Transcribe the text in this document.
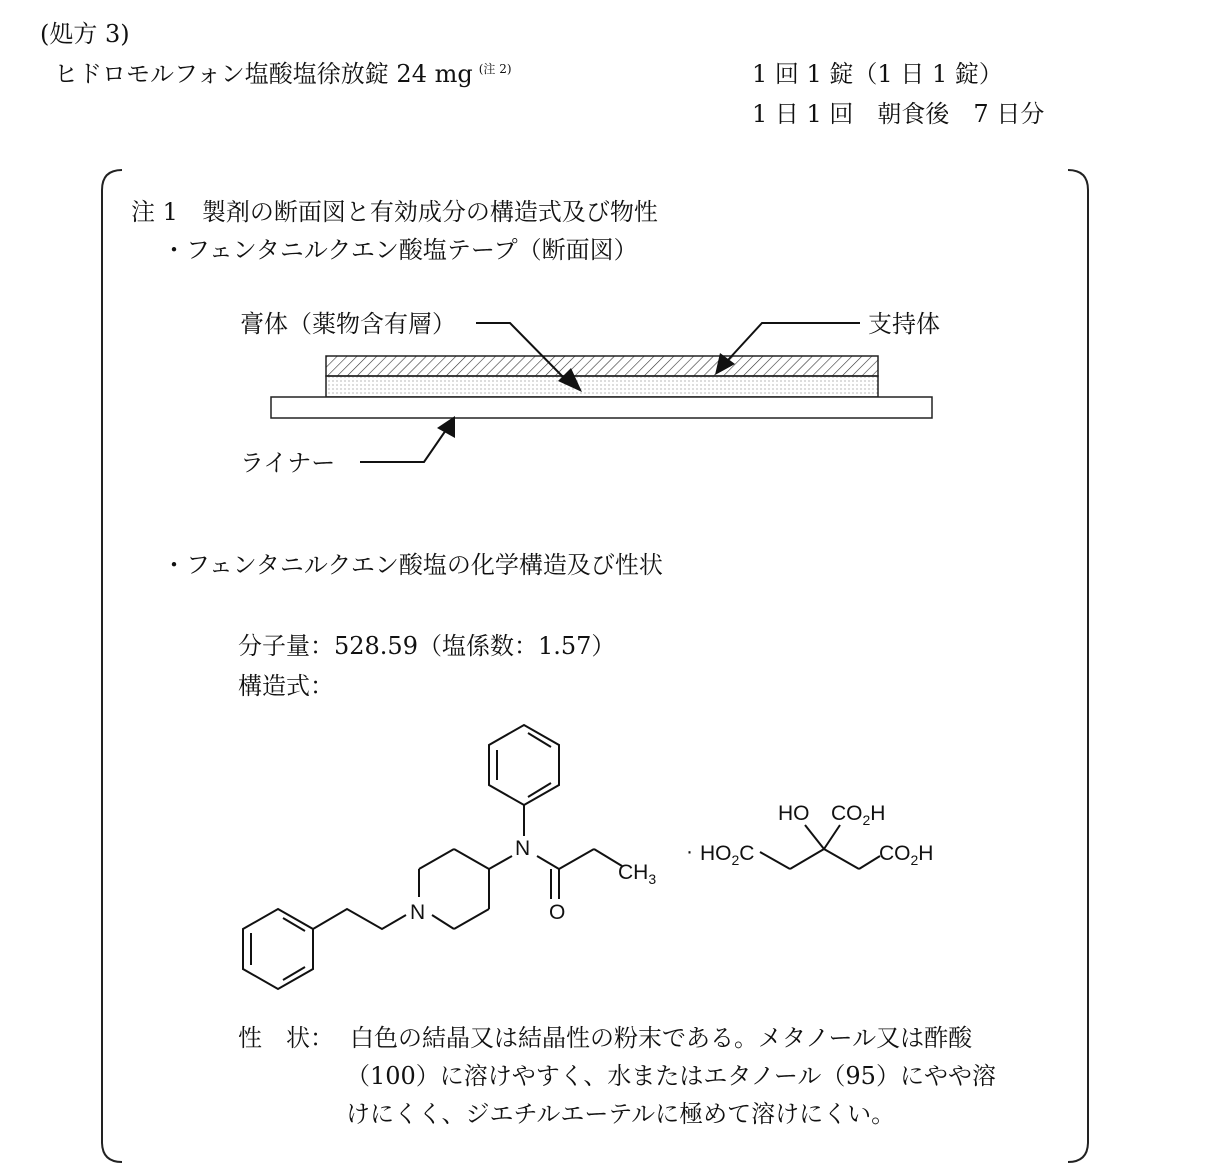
(処方 3)
ヒドロモルフォン塩酸塩徐放錠 24 mg $^{(注 2)}$	1 回 1 錠（1 日 1 錠）
1 日 1 回　朝食後　7 日分
注 1　製剤の断面図と有効成分の構造式及び物性
・フェンタニルクエン酸塩テープ（断面図）
膏体（薬物含有層）	支持体
ライナー
・フェンタニルクエン酸塩の化学構造及び性状
分子量：528.59（塩係数：1.57）
構造式：
N
N
O
$CH_3$
· $HO_2C$
HO $CO_2H$
$CO_2H$
性　状： 白色の結晶又は結晶性の粉末である。メタノール又は酢酸
（100）に溶けやすく、水またはエタノール（95）にやや溶
けにくく、ジエチルエーテルに極めて溶けにくい。
